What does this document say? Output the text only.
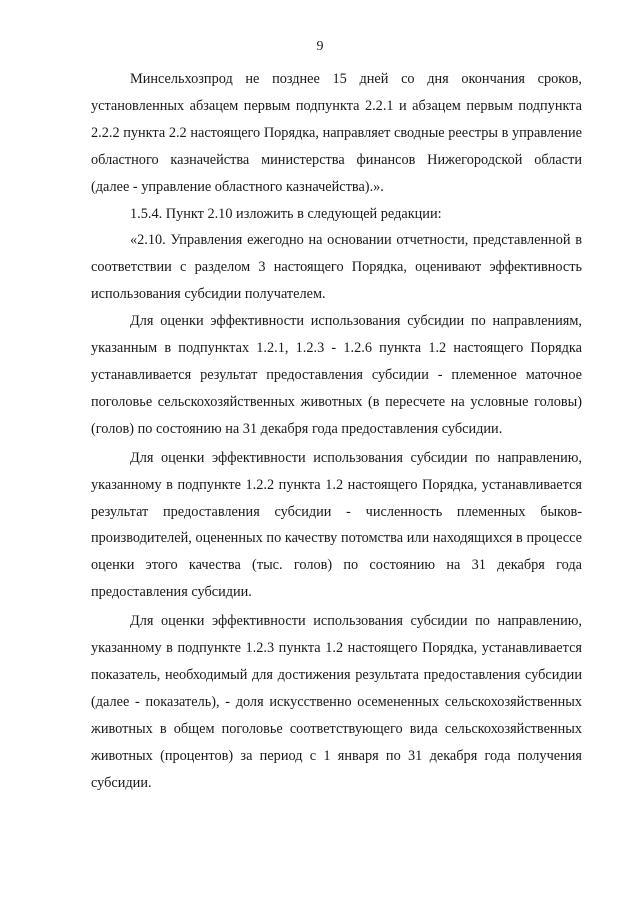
9

Минсельхозпрод не позднее 15 дней со дня окончания сроков, установленных абзацем первым подпункта 2.2.1 и абзацем первым подпункта 2.2.2 пункта 2.2 настоящего Порядка, направляет сводные реестры в управление областного казначейства министерства финансов Нижегородской области (далее - управление областного казначейства).».

1.5.4. Пункт 2.10 изложить в следующей редакции:

«2.10. Управления ежегодно на основании отчетности, представленной в соответствии с разделом 3 настоящего Порядка, оценивают эффективность использования субсидии получателем.

Для оценки эффективности использования субсидии по направлениям, указанным в подпунктах 1.2.1, 1.2.3 - 1.2.6 пункта 1.2 настоящего Порядка устанавливается результат предоставления субсидии - племенное маточное поголовье сельскохозяйственных животных (в пересчете на условные головы) (голов) по состоянию на 31 декабря года предоставления субсидии.

Для оценки эффективности использования субсидии по направлению, указанному в подпункте 1.2.2 пункта 1.2 настоящего Порядка, устанавливается результат предоставления субсидии - численность племенных быков-производителей, оцененных по качеству потомства или находящихся в процессе оценки этого качества (тыс. голов) по состоянию на 31 декабря года предоставления субсидии.

Для оценки эффективности использования субсидии по направлению, указанному в подпункте 1.2.3 пункта 1.2 настоящего Порядка, устанавливается показатель, необходимый для достижения результата предоставления субсидии (далее - показатель), - доля искусственно осемененных сельскохозяйственных животных в общем поголовье соответствующего вида сельскохозяйственных животных (процентов) за период с 1 января по 31 декабря года получения субсидии.
